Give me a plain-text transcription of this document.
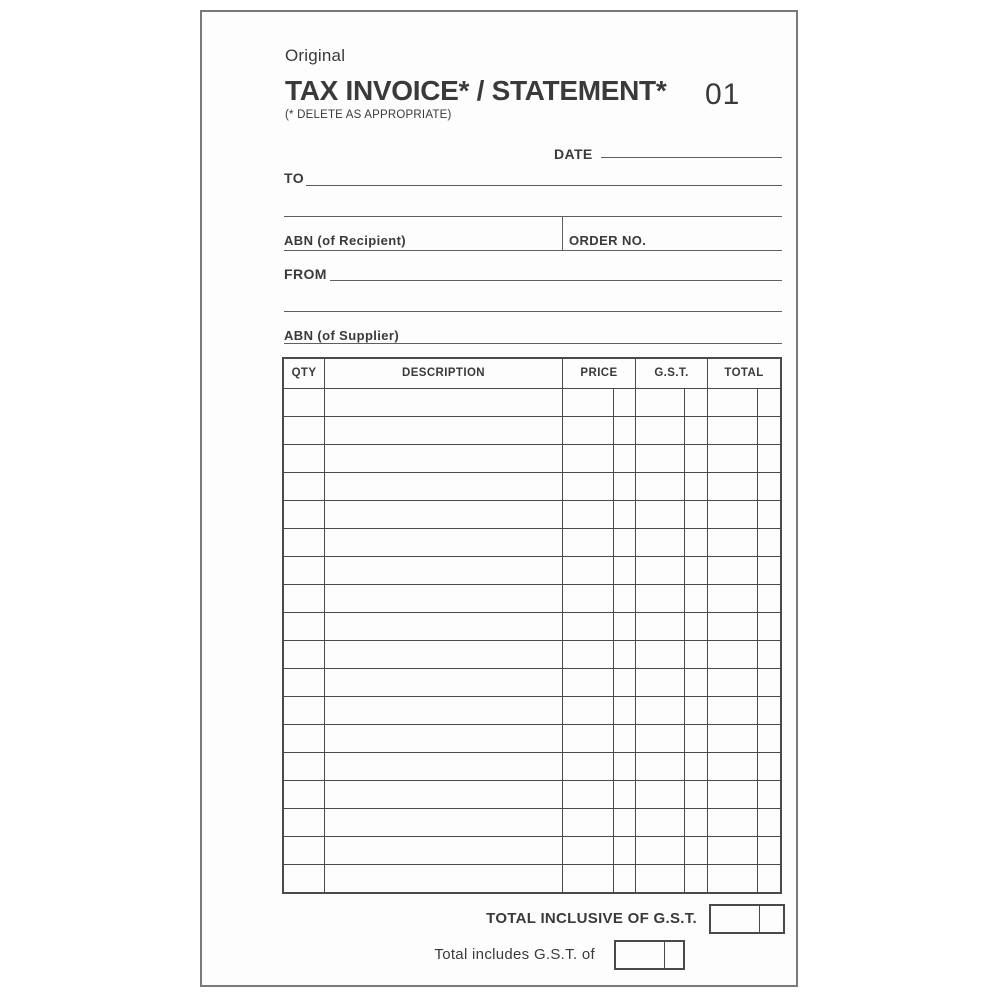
Original
TAX INVOICE* / STATEMENT* 01
(* DELETE AS APPROPRIATE)
DATE
TO
ABN (of Recipient)	ORDER NO.
FROM
ABN (of Supplier)
QTY	DESCRIPTION	PRICE	G.S.T.	TOTAL
TOTAL INCLUSIVE OF G.S.T.
Total includes G.S.T. of
